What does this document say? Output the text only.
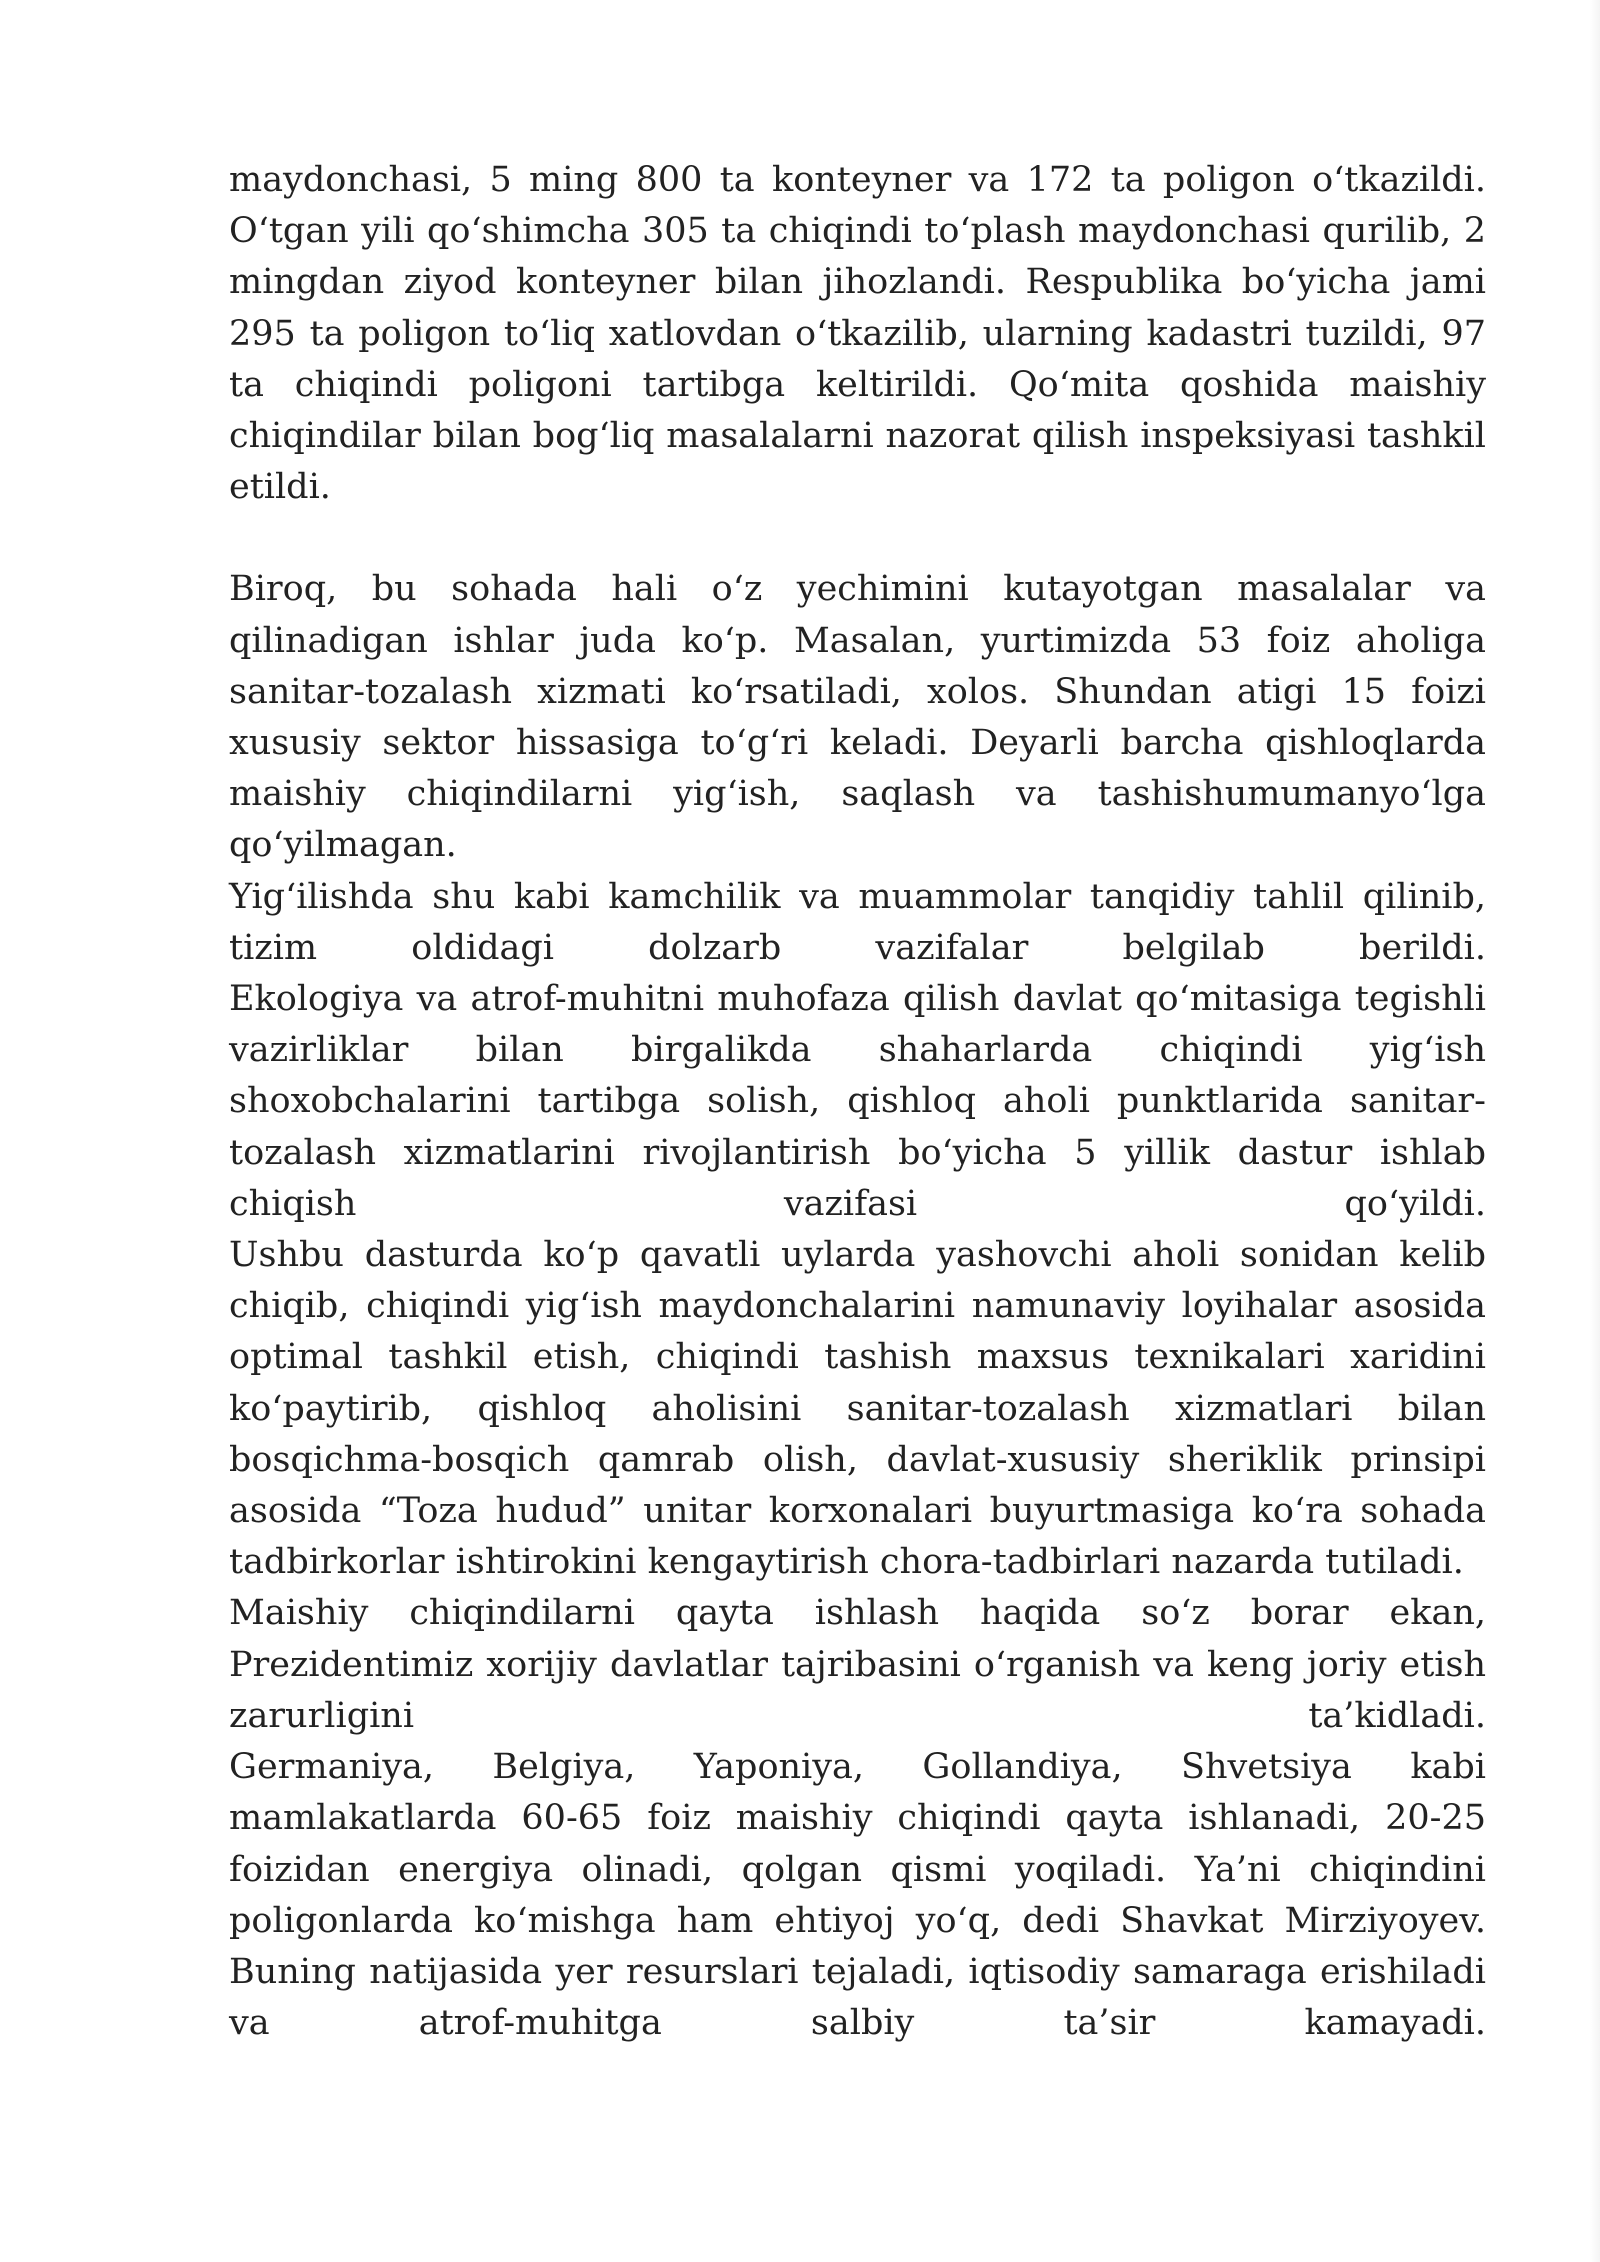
maydonchasi, 5 ming 800 ta konteyner va 172 ta poligon o‘tkazildi. O‘tgan yili qo‘shimcha 305 ta chiqindi to‘plash maydonchasi qurilib, 2 mingdan ziyod konteyner bilan jihozlandi. Respublika bo‘yicha jami 295 ta poligon to‘liq xatlovdan o‘tkazilib, ularning kadastri tuzildi, 97 ta chiqindi poligoni tartibga keltirildi. Qo‘mita qoshida maishiy chiqindilar bilan bog‘liq masalalarni nazorat qilish inspeksiyasi tashkil etildi.

Biroq, bu sohada hali o‘z yechimini kutayotgan masalalar va qilinadigan ishlar juda ko‘p. Masalan, yurtimizda 53 foiz aholiga sanitar-tozalash xizmati ko‘rsatiladi, xolos. Shundan atigi 15 foizi xususiy sektor hissasiga to‘g‘ri keladi. Deyarli barcha qishloqlarda maishiy chiqindilarni yig‘ish, saqlash va tashishumumanyo‘lga qo‘yilmagan.

Yig‘ilishda shu kabi kamchilik va muammolar tanqidiy tahlil qilinib, tizim oldidagi dolzarb vazifalar belgilab berildi.

Ekologiya va atrof-muhitni muhofaza qilish davlat qo‘mitasiga tegishli vazirliklar bilan birgalikda shaharlarda chiqindi yig‘ish shoxobchalarini tartibga solish, qishloq aholi punktlarida sanitar-tozalash xizmatlarini rivojlantirish bo‘yicha 5 yillik dastur ishlab chiqish vazifasi qo‘yildi.

Ushbu dasturda ko‘p qavatli uylarda yashovchi aholi sonidan kelib chiqib, chiqindi yig‘ish maydonchalarini namunaviy loyihalar asosida optimal tashkil etish, chiqindi tashish maxsus texnikalari xaridini ko‘paytirib, qishloq aholisini sanitar-tozalash xizmatlari bilan bosqichma-bosqich qamrab olish, davlat-xususiy sheriklik prinsipi asosida “Toza hudud” unitar korxonalari buyurtmasiga ko‘ra sohada tadbirkorlar ishtirokini kengaytirish chora-tadbirlari nazarda tutiladi.

Maishiy chiqindilarni qayta ishlash haqida so‘z borar ekan, Prezidentimiz xorijiy davlatlar tajribasini o‘rganish va keng joriy etish zarurligini ta’kidladi.

Germaniya, Belgiya, Yaponiya, Gollandiya, Shvetsiya kabi mamlakatlarda 60-65 foiz maishiy chiqindi qayta ishlanadi, 20-25 foizidan energiya olinadi, qolgan qismi yoqiladi. Ya’ni chiqindini poligonlarda ko‘mishga ham ehtiyoj yo‘q, dedi Shavkat Mirziyoyev. Buning natijasida yer resurslari tejaladi, iqtisodiy samaraga erishiladi va atrof-muhitga salbiy ta’sir kamayadi.
